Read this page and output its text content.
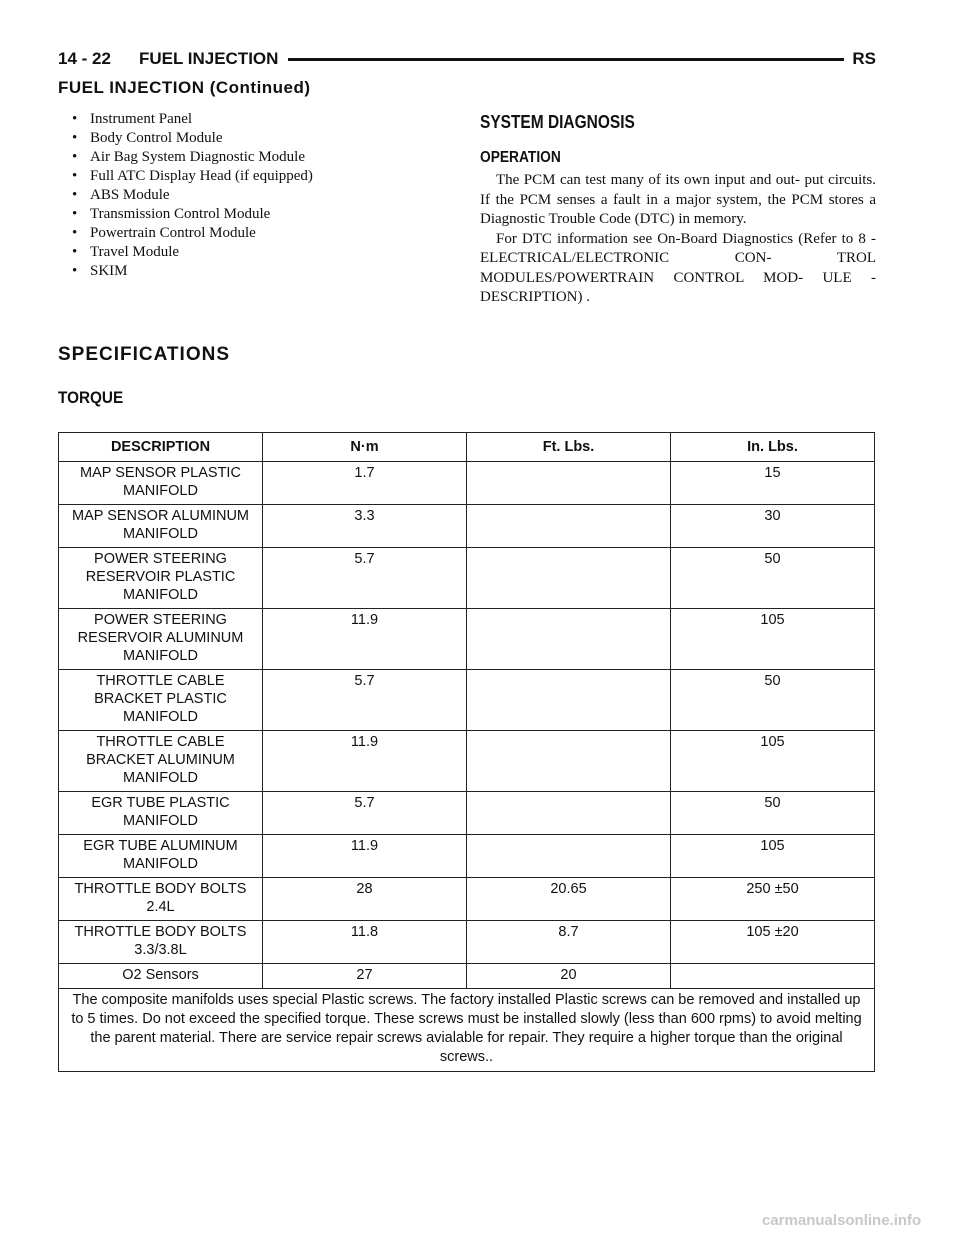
14 - 22 FUEL INJECTION	RS
FUEL INJECTION (Continued)
• Instrument Panel
• Body Control Module
• Air Bag System Diagnostic Module
• Full ATC Display Head (if equipped)
• ABS Module
• Transmission Control Module
• Powertrain Control Module
• Travel Module
• SKIM
SYSTEM DIAGNOSIS
OPERATION

The PCM can test many of its own input and out- put circuits. If the PCM senses a fault in a major system, the PCM stores a Diagnostic Trouble Code (DTC) in memory.

For DTC information see On-Board Diagnostics (Refer to 8 - ELECTRICAL/ELECTRONIC CON- TROL MODULES/POWERTRAIN CONTROL MOD- ULE - DESCRIPTION) .

SPECIFICATIONS
TORQUE
DESCRIPTION	N·m	Ft. Lbs.	In. Lbs.
MAP SENSOR PLASTIC MANIFOLD	1.7		15
MAP SENSOR ALUMINUM MANIFOLD	3.3		30
POWER STEERING RESERVOIR PLASTIC MANIFOLD	5.7		50
POWER STEERING RESERVOIR ALUMINUM MANIFOLD	11.9		105
THROTTLE CABLE BRACKET PLASTIC MANIFOLD	5.7		50
THROTTLE CABLE BRACKET ALUMINUM MANIFOLD	11.9		105
EGR TUBE PLASTIC MANIFOLD	5.7		50
EGR TUBE ALUMINUM MANIFOLD	11.9		105
THROTTLE BODY BOLTS 2.4L	28	20.65	250 ±50
THROTTLE BODY BOLTS 3.3/3.8L	11.8	8.7	105 ±20
O2 Sensors	27	20	
The composite manifolds uses special Plastic screws. The factory installed Plastic screws can be removed and installed up to 5 times. Do not exceed the specified torque. These screws must be installed slowly (less than 600 rpms) to avoid melting the parent material. There are service repair screws avialable for repair. They require a higher torque than the original screws..			
carmanualsonline.info
